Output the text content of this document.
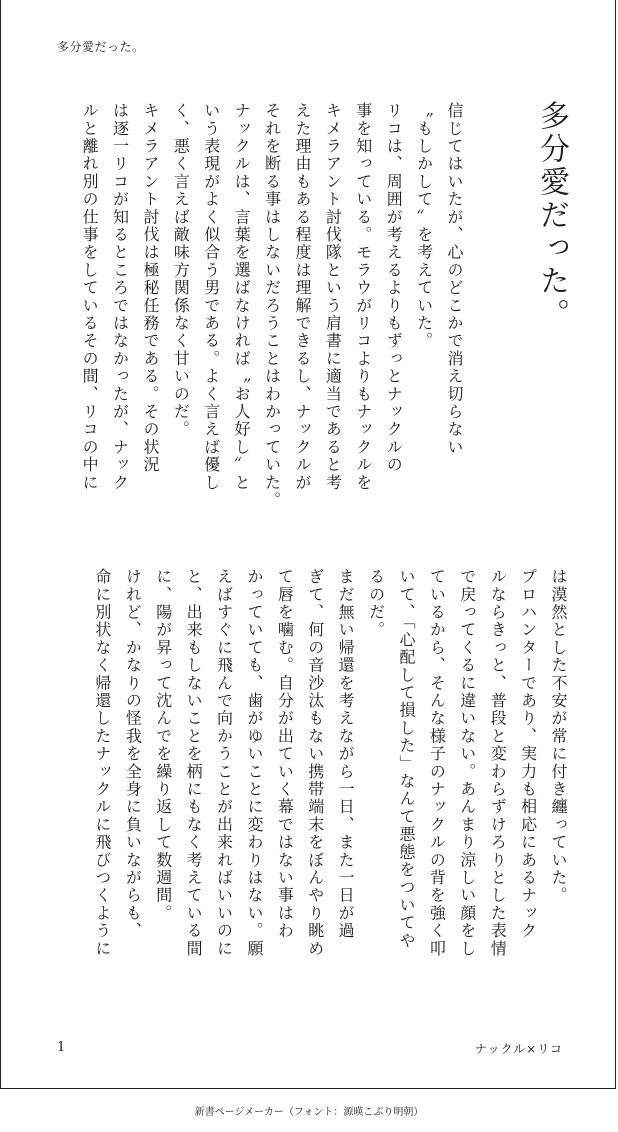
多分愛だった。
多分愛だった。
信じてはいたが、心のどこかで消え切らない
〝もしかして〟を考えていた。
リコは、周囲が考えるよりもずっとナックルの
事を知っている。モラウがリコよりもナックルを
キメラアント討伐隊という肩書に適当であると考
えた理由もある程度は理解できるし、ナックルが
それを断る事はしないだろうことはわかっていた。
ナックルは、言葉を選ばなければ〝お人好し〟と
いう表現がよく似合う男である。よく言えば優し
く、悪く言えば敵味方関係なく甘いのだ。
キメラアント討伐は極秘任務である。その状況
は逐一リコが知るところではなかったが、ナック
ルと離れ別の仕事をしているその間、リコの中に
は漠然とした不安が常に付き纏っていた。
プロハンターであり、実力も相応にあるナック
ルならきっと、普段と変わらずけろりとした表情
で戻ってくるに違いない。あんまり涼しい顔をし
ているから、そんな様子のナックルの背を強く叩
いて、「心配して損した」なんて悪態をついてや
るのだ。
まだ無い帰還を考えながら一日、また一日が過
ぎて、何の音沙汰もない携帯端末をぼんやり眺め
て唇を噛む。自分が出ていく幕ではない事はわ
かっていても、歯がゆいことに変わりはない。願
えばすぐに飛んで向かうことが出来ればいいのに
と、出来もしないことを柄にもなく考えている間
に、陽が昇って沈んでを繰り返して数週間。
けれど、かなりの怪我を全身に負いながらも、
命に別状なく帰還したナックルに飛びつくように
1	ナックル×リコ
新書ページメーカー（フォント：源暎こぶり明朝）
